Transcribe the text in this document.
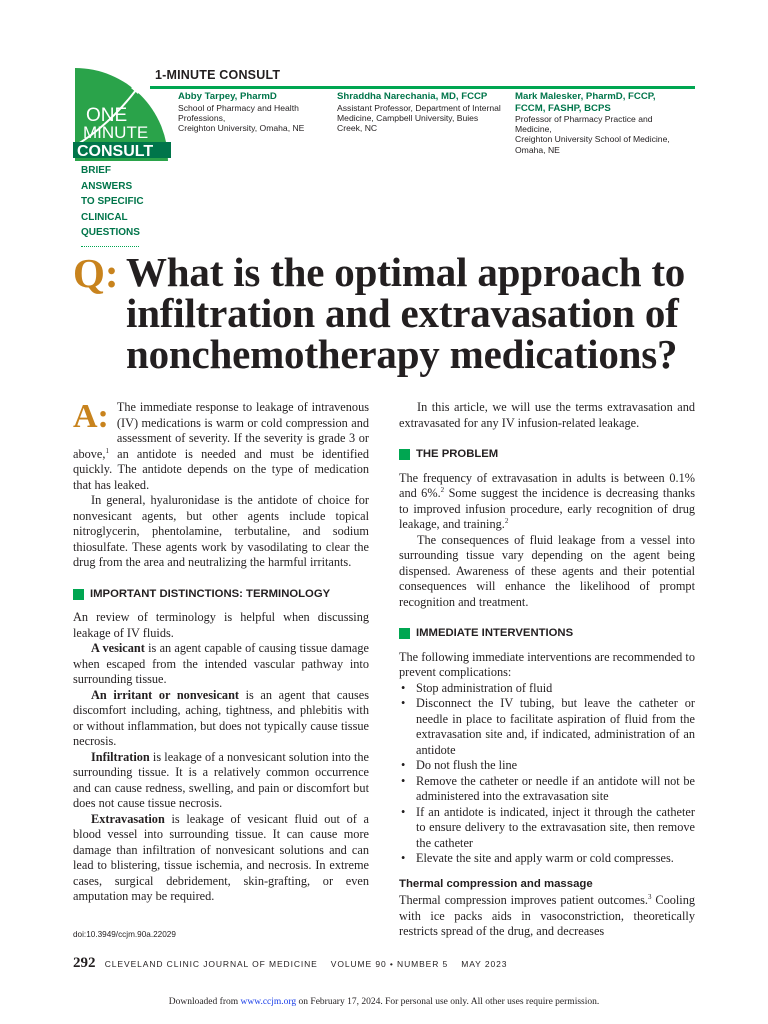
ONE
MINUTE
CONSULT
1-MINUTE CONSULT
Abby Tarpey, PharmD
School of Pharmacy and Health Professions,
Creighton University, Omaha, NE
Shraddha Narechania, MD, FCCP
Assistant Professor, Department of Internal
Medicine, Campbell University, Buies Creek, NC
Mark Malesker, PharmD, FCCP,
FCCM, FASHP, BCPS
Professor of Pharmacy Practice and Medicine,
Creighton University School of Medicine,
Omaha, NE
BRIEF
ANSWERS
TO SPECIFIC
CLINICAL
QUESTIONS
Q: What is the optimal approach to infiltration and extravasation of nonchemotherapy medications?

A: The immediate response to leakage of intravenous (IV) medications is warm or cold compression and assessment of severity. If the severity is grade 3 or above,$^1$ an antidote is needed and must be identified quickly. The antidote depends on the type of medication that has leaked.

In general, hyaluronidase is the antidote of choice for nonvesicant agents, but other agents include topical nitroglycerin, phentolamine, terbutaline, and sodium thiosulfate. These agents work by vasodilating to clear the drug from the area and neutralizing the harmful irritants.

IMPORTANT DISTINCTIONS: TERMINOLOGY

An review of terminology is helpful when discussing leakage of IV fluids.

A vesicant is an agent capable of causing tissue damage when escaped from the intended vascular pathway into surrounding tissue.

An irritant or nonvesicant is an agent that causes discomfort including, aching, tightness, and phlebitis with or without inflammation, but does not typically cause tissue necrosis.

Infiltration is leakage of a nonvesicant solution into the surrounding tissue. It is a relatively common occurrence and can cause redness, swelling, and pain or discomfort but does not cause tissue necrosis.

Extravasation is leakage of vesicant fluid out of a blood vessel into surrounding tissue. It can cause more damage than infiltration of nonvesicant solutions and can lead to blistering, tissue ischemia, and necrosis. In extreme cases, surgical debridement, skin-grafting, or even amputation may be required.

doi:10.3949/ccjm.90a.22029

In this article, we will use the terms extravasation and extravasated for any IV infusion-related leakage.

THE PROBLEM

The frequency of extravasation in adults is between 0.1% and 6%.$^2$ Some suggest the incidence is decreasing thanks to improved infusion procedure, early recognition of drug leakage, and training.$^2$

The consequences of fluid leakage from a vessel into surrounding tissue vary depending on the agent being dispensed. Awareness of these agents and their potential consequences will enhance the likelihood of prompt recognition and treatment.

IMMEDIATE INTERVENTIONS

The following immediate interventions are recommended to prevent complications:

• Stop administration of fluid
• Disconnect the IV tubing, but leave the catheter or needle in place to facilitate aspiration of fluid from the extravasation site and, if indicated, administration of an antidote
• Do not flush the line
• Remove the catheter or needle if an antidote will not be administered into the extravasation site
• If an antidote is indicated, inject it through the catheter to ensure delivery to the extravasation site, then remove the catheter
• Elevate the site and apply warm or cold compresses.
Thermal compression and massage

Thermal compression improves patient outcomes.$^3$ Cooling with ice packs aids in vasoconstriction, theoretically restricts spread of the drug, and decreases

292 CLEVELAND CLINIC JOURNAL OF MEDICINE VOLUME 90 • NUMBER 5 MAY 2023
Downloaded from www.ccjm.org on February 17, 2024. For personal use only. All other uses require permission.
